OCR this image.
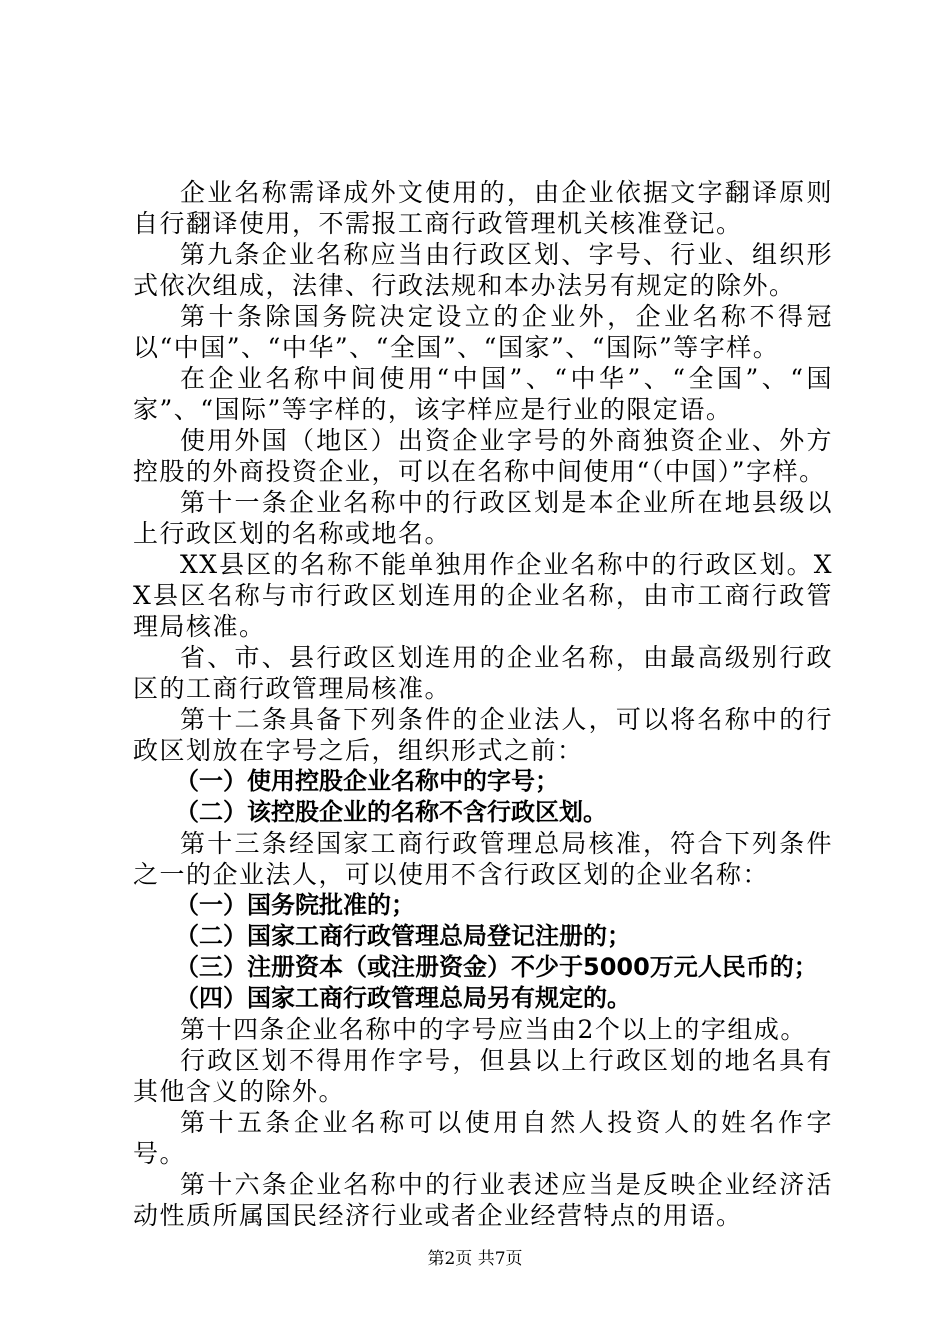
企业名称需译成外文使用的，由企业依据文字翻译原则自行翻译使用，不需报工商行政管理机关核准登记。

第九条企业名称应当由行政区划、字号、行业、组织形式依次组成，法律、行政法规和本办法另有规定的除外。

第十条除国务院决定设立的企业外，企业名称不得冠以“中国”、“中华”、“全国”、“国家”、“国际”等字样。

在企业名称中间使用“中国”、“中华”、“全国”、“国家”、“国际”等字样的，该字样应是行业的限定语。

使用外国（地区）出资企业字号的外商独资企业、外方控股的外商投资企业，可以在名称中间使用“（中国）”字样。

第十一条企业名称中的行政区划是本企业所在地县级以上行政区划的名称或地名。

XX县区的名称不能单独用作企业名称中的行政区划。XX县区名称与市行政区划连用的企业名称，由市工商行政管理局核准。

省、市、县行政区划连用的企业名称，由最高级别行政区的工商行政管理局核准。

第十二条具备下列条件的企业法人，可以将名称中的行政区划放在字号之后，组织形式之前：

（一）使用控股企业名称中的字号；

（二）该控股企业的名称不含行政区划。

第十三条经国家工商行政管理总局核准，符合下列条件之一的企业法人，可以使用不含行政区划的企业名称：

（一）国务院批准的；

（二）国家工商行政管理总局登记注册的；

（三）注册资本（或注册资金）不少于5000万元人民币的；

（四）国家工商行政管理总局另有规定的。

第十四条企业名称中的字号应当由2个以上的字组成。

行政区划不得用作字号，但县以上行政区划的地名具有其他含义的除外。

第十五条企业名称可以使用自然人投资人的姓名作字号。

第十六条企业名称中的行业表述应当是反映企业经济活动性质所属国民经济行业或者企业经营特点的用语。

第2页 共7页
